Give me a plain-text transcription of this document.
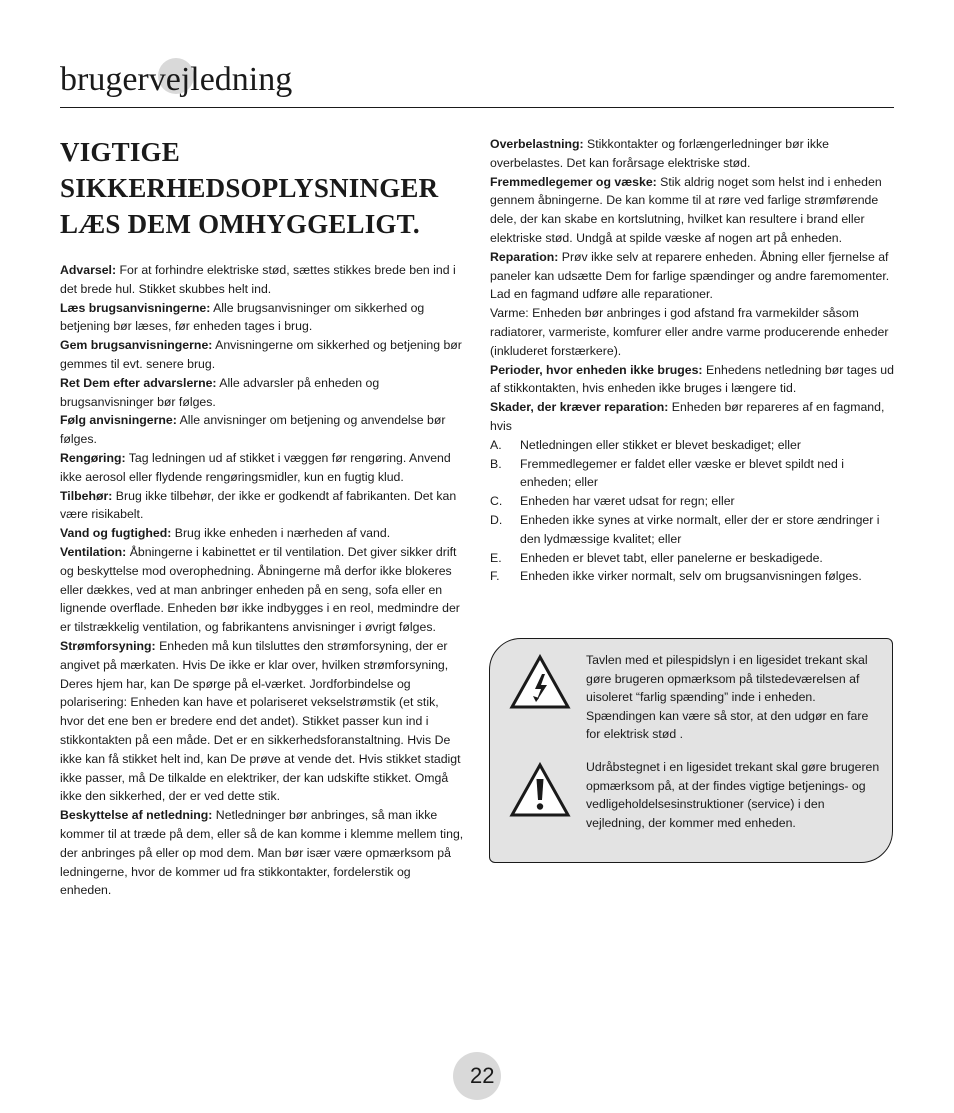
brugervejledning
VIGTIGE
SIKKERHEDSOPLYSNINGER
LÆS DEM OMHYGGELIGT.

Advarsel: For at forhindre elektriske stød, sættes stikkes brede ben ind i det brede hul. Stikket skubbes helt ind.

Læs brugsanvisningerne: Alle brugsanvisninger om sikkerhed og betjening bør læses, før enheden tages i brug.

Gem brugsanvisningerne: Anvisningerne om sikkerhed og betjening bør gemmes til evt. senere brug.

Ret Dem efter advarslerne: Alle advarsler på enheden og brugsanvisninger bør følges.

Følg anvisningerne: Alle anvisninger om betjening og anvendelse bør følges.

Rengøring: Tag ledningen ud af stikket i væggen før rengøring. Anvend ikke aerosol eller flydende rengøringsmidler, kun en fugtig klud.

Tilbehør: Brug ikke tilbehør, der ikke er godkendt af fabrikanten. Det kan være risikabelt.

Vand og fugtighed: Brug ikke enheden i nærheden af vand.

Ventilation: Åbningerne i kabinettet er til ventilation. Det giver sikker drift og beskyttelse mod overophedning. Åbningerne må derfor ikke blokeres eller dækkes, ved at man anbringer enheden på en seng, sofa eller en lignende overflade. Enheden bør ikke indbygges i en reol, medmindre der er tilstrækkelig ventilation, og fabrikantens anvisninger i øvrigt følges.

Strømforsyning: Enheden må kun tilsluttes den strømforsyning, der er angivet på mærkaten. Hvis De ikke er klar over, hvilken strømforsyning, Deres hjem har, kan De spørge på el-værket. Jordforbindelse og polarisering: Enheden kan have et polariseret vekselstrømstik (et stik, hvor det ene ben er bredere end det andet). Stikket passer kun ind i stikkontakten på een måde. Det er en sikkerhedsforanstaltning. Hvis De ikke kan få stikket helt ind, kan De prøve at vende det. Hvis stikket stadigt ikke passer, må De tilkalde en elektriker, der kan udskifte stikket. Omgå ikke den sikkerhed, der er ved dette stik.

Beskyttelse af netledning: Netledninger bør anbringes, så man ikke kommer til at træde på dem, eller så de kan komme i klemme mellem ting, der anbringes på eller op mod dem. Man bør især være opmærksom på ledningerne, hvor de kommer ud fra stikkontakter, fordelerstik og enheden.

Overbelastning: Stikkontakter og forlængerledninger bør ikke overbelastes. Det kan forårsage elektriske stød.

Fremmedlegemer og væske: Stik aldrig noget som helst ind i enheden gennem åbningerne. De kan komme til at røre ved farlige strømførende dele, der kan skabe en kortslutning, hvilket kan resultere i brand eller elektriske stød. Undgå at spilde væske af nogen art på enheden.

Reparation: Prøv ikke selv at reparere enheden. Åbning eller fjernelse af paneler kan udsætte Dem for farlige spændinger og andre faremomenter. Lad en fagmand udføre alle reparationer.

Varme: Enheden bør anbringes i god afstand fra varmekilder såsom radiatorer, varmeriste, komfurer eller andre varme producerende enheder (inkluderet forstærkere).

Perioder, hvor enheden ikke bruges: Enhedens netledning bør tages ud af stikkontakten, hvis enheden ikke bruges i længere tid.

Skader, der kræver reparation: Enheden bør repareres af en fagmand, hvis

A. Netledningen eller stikket er blevet beskadiget; eller
B. Fremmedlegemer er faldet eller væske er blevet spildt ned i enheden; eller
C. Enheden har været udsat for regn; eller
D. Enheden ikke synes at virke normalt, eller der er store ændringer i den lydmæssige kvalitet; eller
E. Enheden er blevet tabt, eller panelerne er beskadigede.
F. Enheden ikke virker normalt, selv om brugsanvisningen følges.
Tavlen med et pilespidslyn i en ligesidet trekant skal gøre brugeren opmærksom på tilstedeværelsen af uisoleret “farlig spænding” inde i enheden. Spændingen kan være så stor, at den udgør en fare for elektrisk stød .
Udråbstegnet i en ligesidet trekant skal gøre brugeren opmærksom på, at der findes vigtige betjenings- og vedligeholdelsesinstruktioner (service) i den vejledning, der kommer med enheden.
22
